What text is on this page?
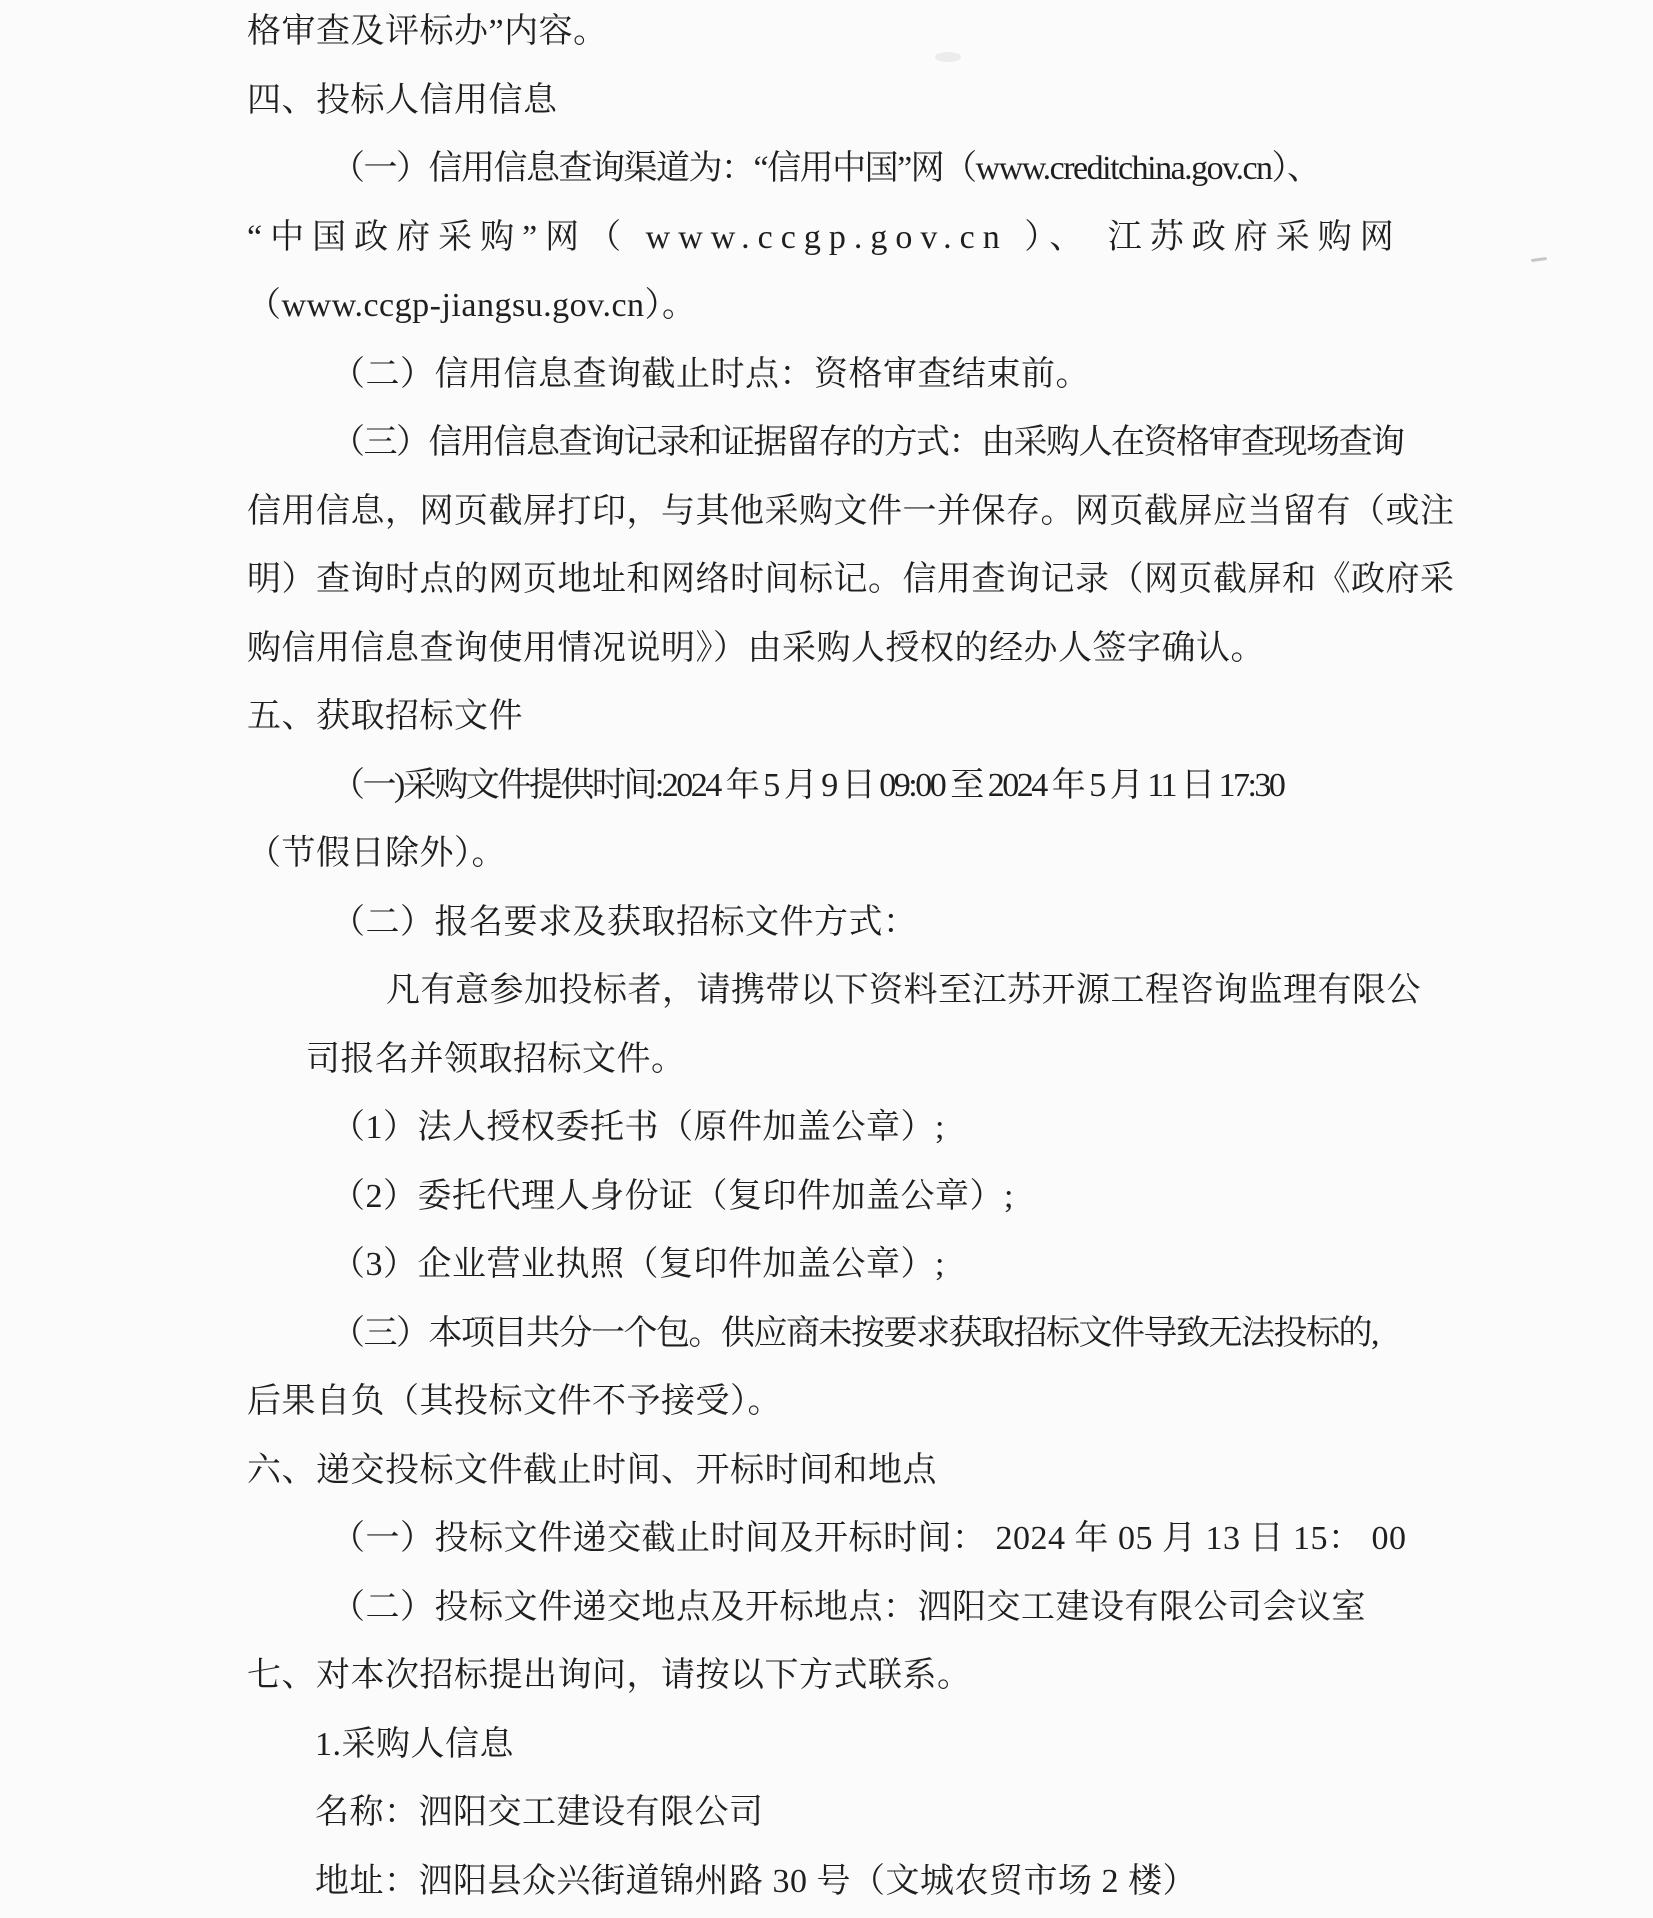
格审查及评标办”内容。
四、投标人信用信息
（一）信用信息查询渠道为：“信用中国”网（www.creditchina.gov.cn）、
“中国政府采购”网（ www.ccgp.gov.cn ）、 江苏政府采购网
（www.ccgp-jiangsu.gov.cn）。
（二）信用信息查询截止时点：资格审查结束前。
（三）信用信息查询记录和证据留存的方式：由采购人在资格审查现场查询
信用信息，网页截屏打印，与其他采购文件一并保存。网页截屏应当留有（或注
明）查询时点的网页地址和网络时间标记。信用查询记录（网页截屏和《政府采
购信用信息查询使用情况说明》）由采购人授权的经办人签字确认。
五、获取招标文件
（一)采购文件提供时间:2024 年 5 月 9 日 09:00 至 2024 年 5 月 11 日 17:30
（节假日除外）。
（二）报名要求及获取招标文件方式：
凡有意参加投标者，请携带以下资料至江苏开源工程咨询监理有限公
司报名并领取招标文件。
（1）法人授权委托书（原件加盖公章）;
（2）委托代理人身份证（复印件加盖公章）;
（3）企业营业执照（复印件加盖公章）;
（三）本项目共分一个包。供应商未按要求获取招标文件导致无法投标的,
后果自负（其投标文件不予接受）。
六、递交投标文件截止时间、开标时间和地点
（一）投标文件递交截止时间及开标时间： 2024 年 05 月 13 日 15： 00
（二）投标文件递交地点及开标地点：泗阳交工建设有限公司会议室
七、对本次招标提出询问，请按以下方式联系。
1.采购人信息
名称：泗阳交工建设有限公司
地址：泗阳县众兴街道锦州路 30 号（文城农贸市场 2 楼）
